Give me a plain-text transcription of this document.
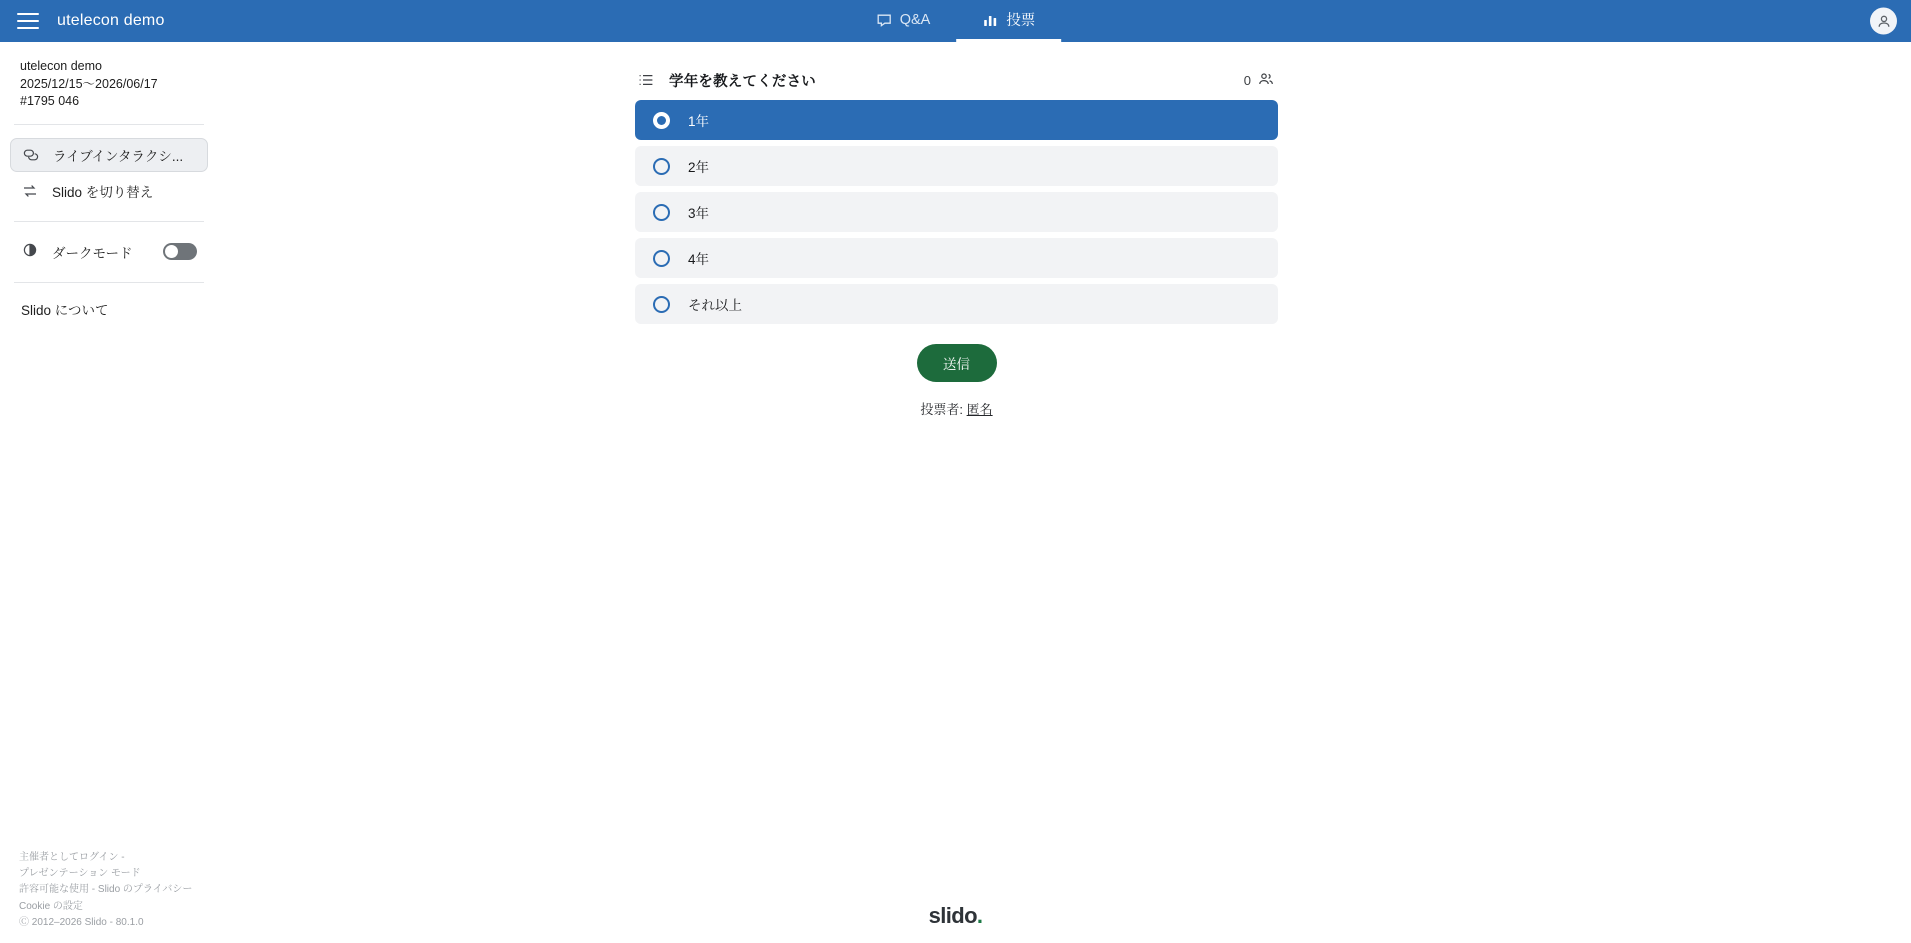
utelecon demo	Q&A	投票
utelecon demo
2025/12/15〜2026/06/17
#1795 046
ライブインタラクシ...
Slido を切り替え
ダークモード
Slido について
主催者としてログイン -
プレゼンテーション モード
許容可能な使用 - Slido のプライバシー
Cookie の設定
Ⓒ 2012–2026 Slido - 80.1.0
学年を教えてください	0
1年
2年
3年
4年
それ以上
送信
投票者: 匿名
slido.
